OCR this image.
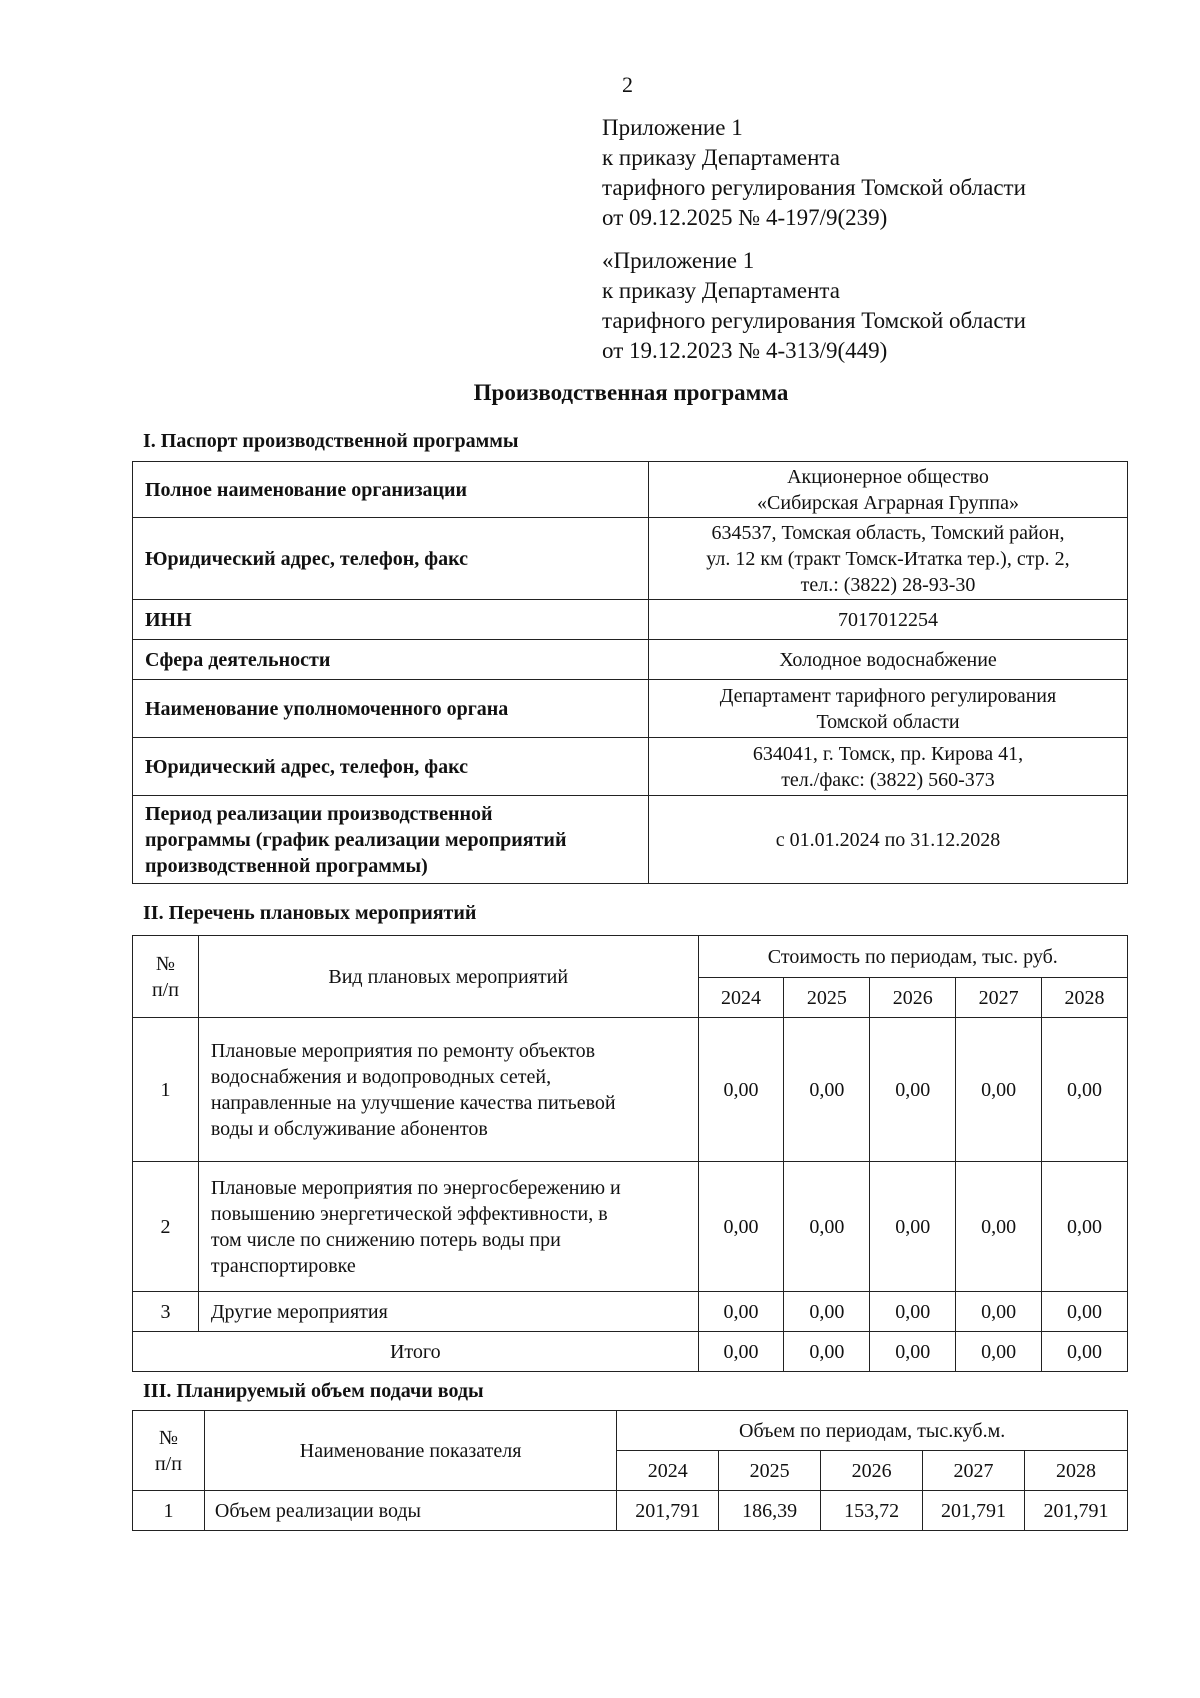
2
Приложение 1
к приказу Департамента
тарифного регулирования Томской области
от 09.12.2025 № 4-197/9(239)
«Приложение 1
к приказу Департамента
тарифного регулирования Томской области
от 19.12.2023 № 4-313/9(449)
Производственная программа
I. Паспорт производственной программы
Полное наименование организации	Акционерное общество
«Сибирская Аграрная Группа»

Юридический адрес, телефон, факс	634537, Томская область, Томский район,
ул. 12 км (тракт Томск-Итатка тер.), стр. 2,
тел.: (3822) 28-93-30

ИНН	7017012254

Сфера деятельности	Холодное водоснабжение

Наименование уполномоченного органа	Департамент тарифного регулирования
Томской области

Юридический адрес, телефон, факс	634041, г. Томск, пр. Кирова 41,
тел./факс: (3822) 560-373

Период реализации производственной
программы (график реализации мероприятий
производственной программы)	с 01.01.2024 по 31.12.2028
II. Перечень плановых мероприятий
№
п/п	Вид плановых мероприятий	Стоимость по периодам, тыс. руб.				
		2024	2025	2026	2027	2028
1	Плановые мероприятия по ремонту объектов
водоснабжения и водопроводных сетей,
направленные на улучшение качества питьевой
воды и обслуживание абонентов	0,00	0,00	0,00	0,00	0,00
2	Плановые мероприятия по энергосбережению и
повышению энергетической эффективности, в
том числе по снижению потерь воды при
транспортировке	0,00	0,00	0,00	0,00	0,00
3	Другие мероприятия	0,00	0,00	0,00	0,00	0,00
Итого		0,00	0,00	0,00	0,00	0,00
III. Планируемый объем подачи воды
№
п/п	Наименование показателя	Объем по периодам, тыс.куб.м.				
		2024	2025	2026	2027	2028
1	Объем реализации воды	201,791	186,39	153,72	201,791	201,791
